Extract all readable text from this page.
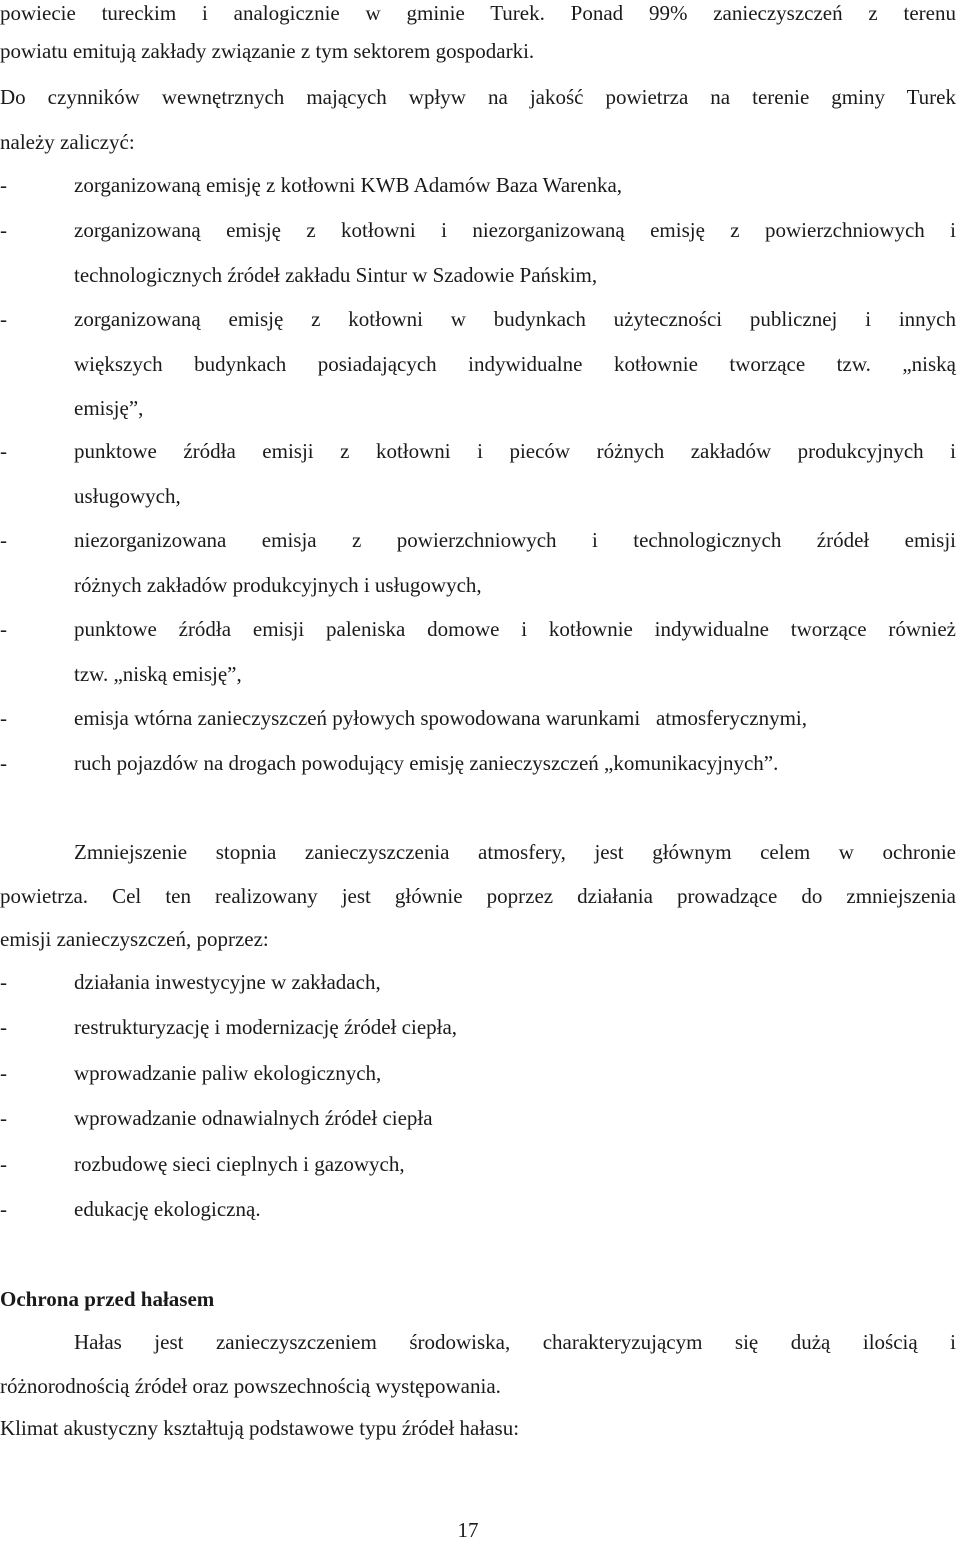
powiecie tureckim i analogicznie w gminie Turek. Ponad 99% zanieczyszczeń z terenu
powiatu emitują zakłady związanie z tym sektorem gospodarki.
Do czynników wewnętrznych mających wpływ na jakość powietrza na terenie gminy Turek
należy zaliczyć:
-	zorganizowaną emisję z kotłowni KWB Adamów Baza Warenka,
-	zorganizowaną emisję z kotłowni i niezorganizowaną emisję z powierzchniowych i
technologicznych źródeł zakładu Sintur w Szadowie Pańskim,
-	zorganizowaną emisję z kotłowni w budynkach użyteczności publicznej i innych
większych budynkach posiadających indywidualne kotłownie tworzące tzw. „niską
emisję”,
-	punktowe źródła emisji z kotłowni i pieców różnych zakładów produkcyjnych i
usługowych,
-	niezorganizowana emisja z powierzchniowych i technologicznych źródeł emisji
różnych zakładów produkcyjnych i usługowych,
-	punktowe źródła emisji paleniska domowe i kotłownie indywidualne tworzące również
tzw. „niską emisję”,
-	emisja wtórna zanieczyszczeń pyłowych spowodowana warunkami   atmosferycznymi,
-	ruch pojazdów na drogach powodujący emisję zanieczyszczeń „komunikacyjnych”.
Zmniejszenie stopnia zanieczyszczenia atmosfery, jest głównym celem w ochronie
powietrza. Cel ten realizowany jest głównie poprzez działania prowadzące do zmniejszenia
emisji zanieczyszczeń, poprzez:
-	działania inwestycyjne w zakładach,
-	restrukturyzację i modernizację źródeł ciepła,
-	wprowadzanie paliw ekologicznych,
-	wprowadzanie odnawialnych źródeł ciepła
-	rozbudowę sieci cieplnych i gazowych,
-	edukację ekologiczną.
Ochrona przed hałasem
Hałas jest zanieczyszczeniem środowiska, charakteryzującym się dużą ilością i
różnorodnością źródeł oraz powszechnością występowania.
Klimat akustyczny kształtują podstawowe typu źródeł hałasu:
17
